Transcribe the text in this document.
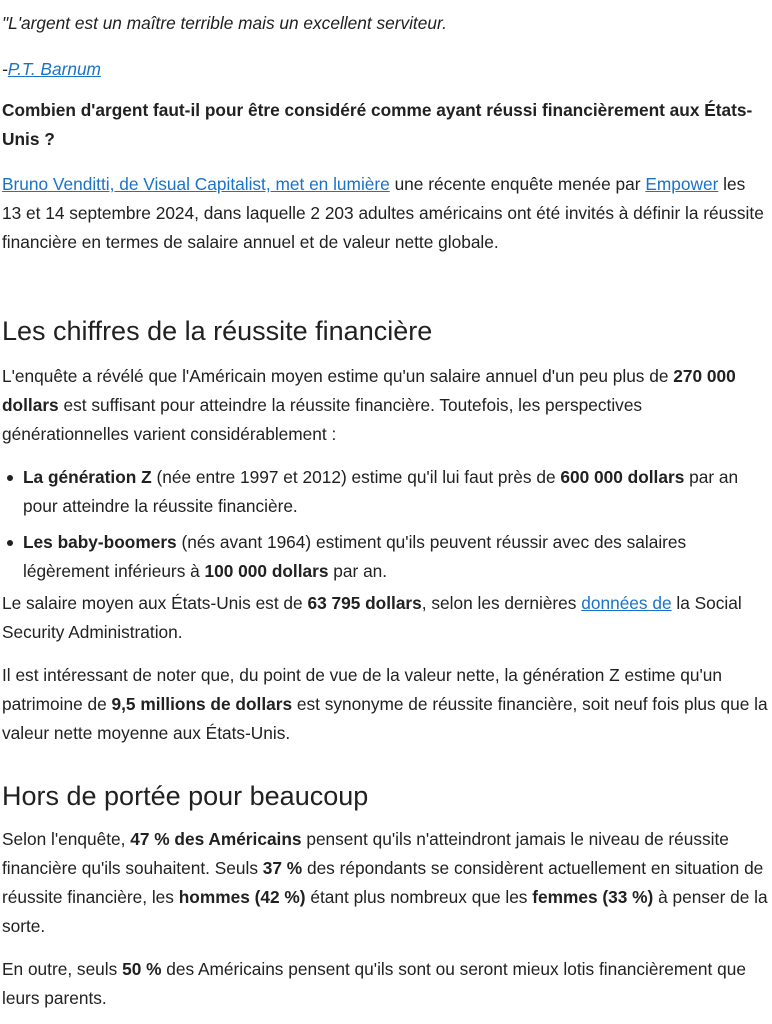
"L'argent est un maître terrible mais un excellent serviteur.

-P.T. Barnum

Combien d'argent faut-il pour être considéré comme ayant réussi financièrement aux États-Unis ?

Bruno Venditti, de Visual Capitalist, met en lumière une récente enquête menée par Empower les 13 et 14 septembre 2024, dans laquelle 2 203 adultes américains ont été invités à définir la réussite financière en termes de salaire annuel et de valeur nette globale.

Les chiffres de la réussite financière

L'enquête a révélé que l'Américain moyen estime qu'un salaire annuel d'un peu plus de 270 000 dollars est suffisant pour atteindre la réussite financière. Toutefois, les perspectives générationnelles varient considérablement :

La génération Z (née entre 1997 et 2012) estime qu'il lui faut près de 600 000 dollars par an pour atteindre la réussite financière.
Les baby-boomers (nés avant 1964) estiment qu'ils peuvent réussir avec des salaires légèrement inférieurs à 100 000 dollars par an.

Le salaire moyen aux États-Unis est de 63 795 dollars, selon les dernières données de la Social Security Administration.

Il est intéressant de noter que, du point de vue de la valeur nette, la génération Z estime qu'un patrimoine de 9,5 millions de dollars est synonyme de réussite financière, soit neuf fois plus que la valeur nette moyenne aux États-Unis.

Hors de portée pour beaucoup

Selon l'enquête, 47 % des Américains pensent qu'ils n'atteindront jamais le niveau de réussite financière qu'ils souhaitent. Seuls 37 % des répondants se considèrent actuellement en situation de réussite financière, les hommes (42 %) étant plus nombreux que les femmes (33 %) à penser de la sorte.

En outre, seuls 50 % des Américains pensent qu'ils sont ou seront mieux lotis financièrement que leurs parents.
